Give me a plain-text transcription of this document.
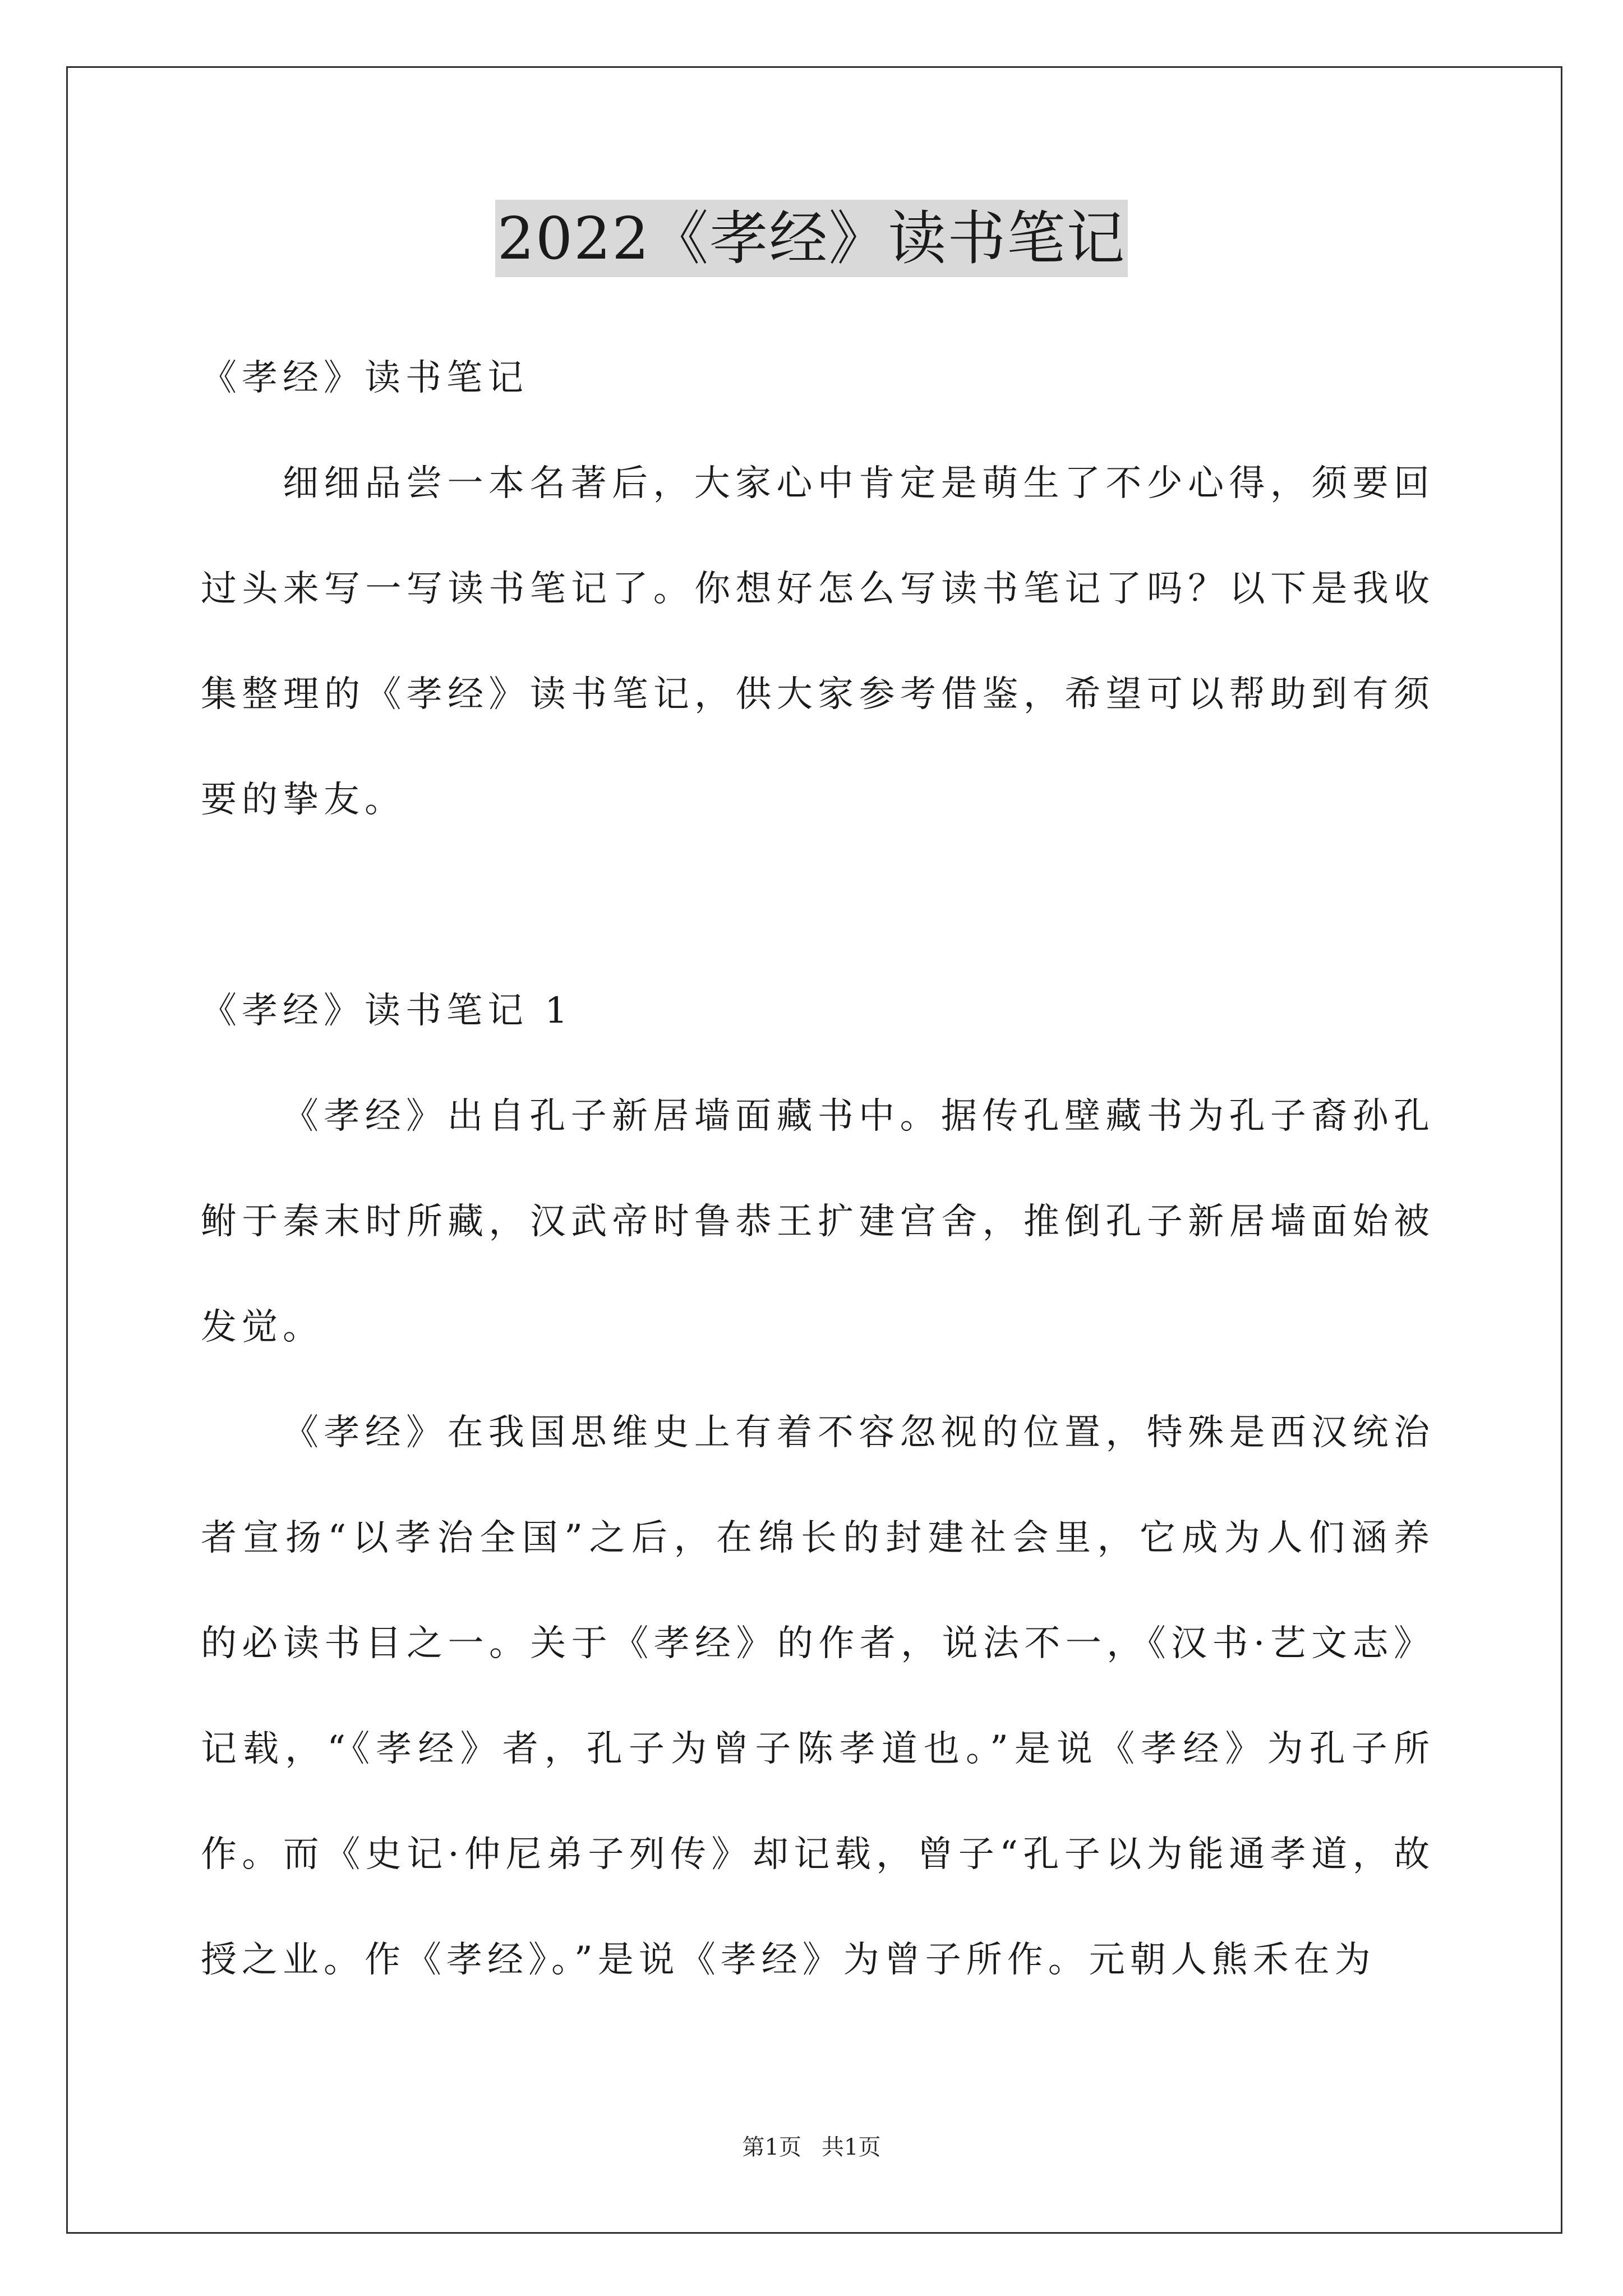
2022《孝经》读书笔记

《孝经》读书笔记

细细品尝一本名著后，大家心中肯定是萌生了不少心得，须要回过头来写一写读书笔记了。你想好怎么写读书笔记了吗？以下是我收集整理的《孝经》读书笔记，供大家参考借鉴，希望可以帮助到有须要的挚友。

《孝经》读书笔记 1

《孝经》出自孔子新居墙面藏书中。据传孔壁藏书为孔子裔孙孔鲋于秦末时所藏，汉武帝时鲁恭王扩建宫舍，推倒孔子新居墙面始被发觉。

《孝经》在我国思维史上有着不容忽视的位置，特殊是西汉统治者宣扬“以孝治全国”之后，在绵长的封建社会里，它成为人们涵养的必读书目之一。关于《孝经》的作者，说法不一，《汉书·艺文志》记载，“《孝经》者，孔子为曾子陈孝道也。”是说《孝经》为孔子所作。而《史记·仲尼弟子列传》却记载，曾子“孔子以为能通孝道，故授之业。作《孝经》。”是说《孝经》为曾子所作。元朝人熊禾在为

第1页 共1页
